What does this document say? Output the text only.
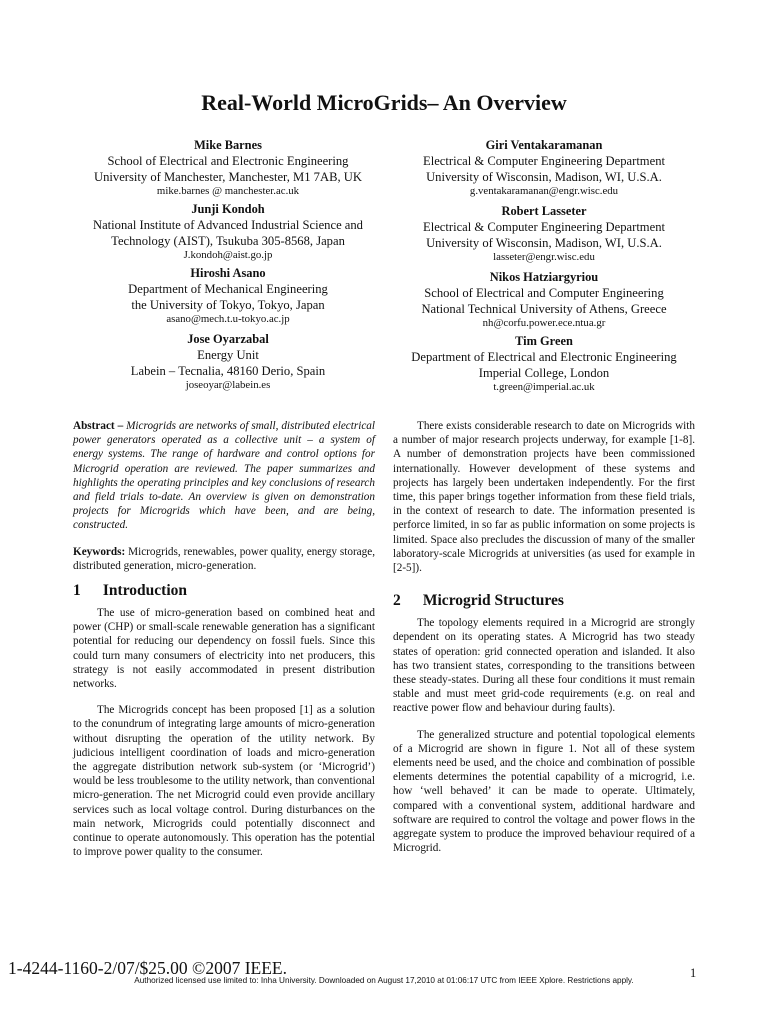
Real-World MicroGrids– An Overview
Mike Barnes
School of Electrical and Electronic Engineering
University of Manchester, Manchester, M1 7AB, UK
mike.barnes @ manchester.ac.uk
Junji Kondoh
National Institute of Advanced Industrial Science and
Technology (AIST), Tsukuba 305-8568, Japan
J.kondoh@aist.go.jp
Hiroshi Asano
Department of Mechanical Engineering
the University of Tokyo, Tokyo, Japan
asano@mech.t.u-tokyo.ac.jp
Jose Oyarzabal
Energy Unit
Labein – Tecnalia, 48160 Derio, Spain
joseoyar@labein.es
Giri Ventakaramanan
Electrical & Computer Engineering Department
University of Wisconsin, Madison, WI, U.S.A.
g.ventakaramanan@engr.wisc.edu
Robert Lasseter
Electrical & Computer Engineering Department
University of Wisconsin, Madison, WI, U.S.A.
lasseter@engr.wisc.edu
Nikos Hatziargyriou
School of Electrical and Computer Engineering
National Technical University of Athens, Greece
nh@corfu.power.ece.ntua.gr
Tim Green
Department of Electrical and Electronic Engineering
Imperial College, London
t.green@imperial.ac.uk

Abstract – Microgrids are networks of small, distributed electrical power generators operated as a collective unit – a system of energy systems. The range of hardware and control options for Microgrid operation are reviewed. The paper summarizes and highlights the operating principles and key conclusions of research and field trials to-date. An overview is given on demonstration projects for Microgrids which have been, and are being, constructed.

Keywords: Microgrids, renewables, power quality, energy storage, distributed generation, micro-generation.

1 Introduction

The use of micro-generation based on combined heat and power (CHP) or small-scale renewable generation has a significant potential for reducing our dependency on fossil fuels. Since this could turn many consumers of electricity into net producers, this strategy is not easily accommodated in present distribution networks.

The Microgrids concept has been proposed [1] as a solution to the conundrum of integrating large amounts of micro-generation without disrupting the operation of the utility network. By judicious intelligent coordination of loads and micro-generation the aggregate distribution network sub-system (or ‘Microgrid’) would be less troublesome to the utility network, than conventional micro-generation. The net Microgrid could even provide ancillary services such as local voltage control. During disturbances on the main network, Microgrids could potentially disconnect and continue to operate autonomously. This operation has the potential to improve power quality to the consumer.

There exists considerable research to date on Microgrids with a number of major research projects underway, for example [1-8]. A number of demonstration projects have been commissioned internationally. However development of these systems and projects has largely been undertaken independently. For the first time, this paper brings together information from these field trials, in the context of research to date. The information presented is perforce limited, in so far as public information on some projects is limited. Space also precludes the discussion of many of the smaller laboratory-scale Microgrids at universities (as used for example in [2-5]).

2 Microgrid Structures

The topology elements required in a Microgrid are strongly dependent on its operating states. A Microgrid has two steady states of operation: grid connected operation and islanded. It also has two transient states, corresponding to the transitions between these steady-states. During all these four conditions it must remain stable and must meet grid-code requirements (e.g. on real and reactive power flow and behaviour during faults).

The generalized structure and potential topological elements of a Microgrid are shown in figure 1. Not all of these system elements need be used, and the choice and combination of possible elements determines the potential capability of a microgrid, i.e. how ‘well behaved’ it can be made to operate. Ultimately, compared with a conventional system, additional hardware and software are required to control the voltage and power flows in the aggregate system to produce the improved behaviour required of a Microgrid.

1-4244-1160-2/07/$25.00 ©2007 IEEE.	1
Authorized licensed use limited to: Inha University. Downloaded on August 17,2010 at 01:06:17 UTC from IEEE Xplore. Restrictions apply.
